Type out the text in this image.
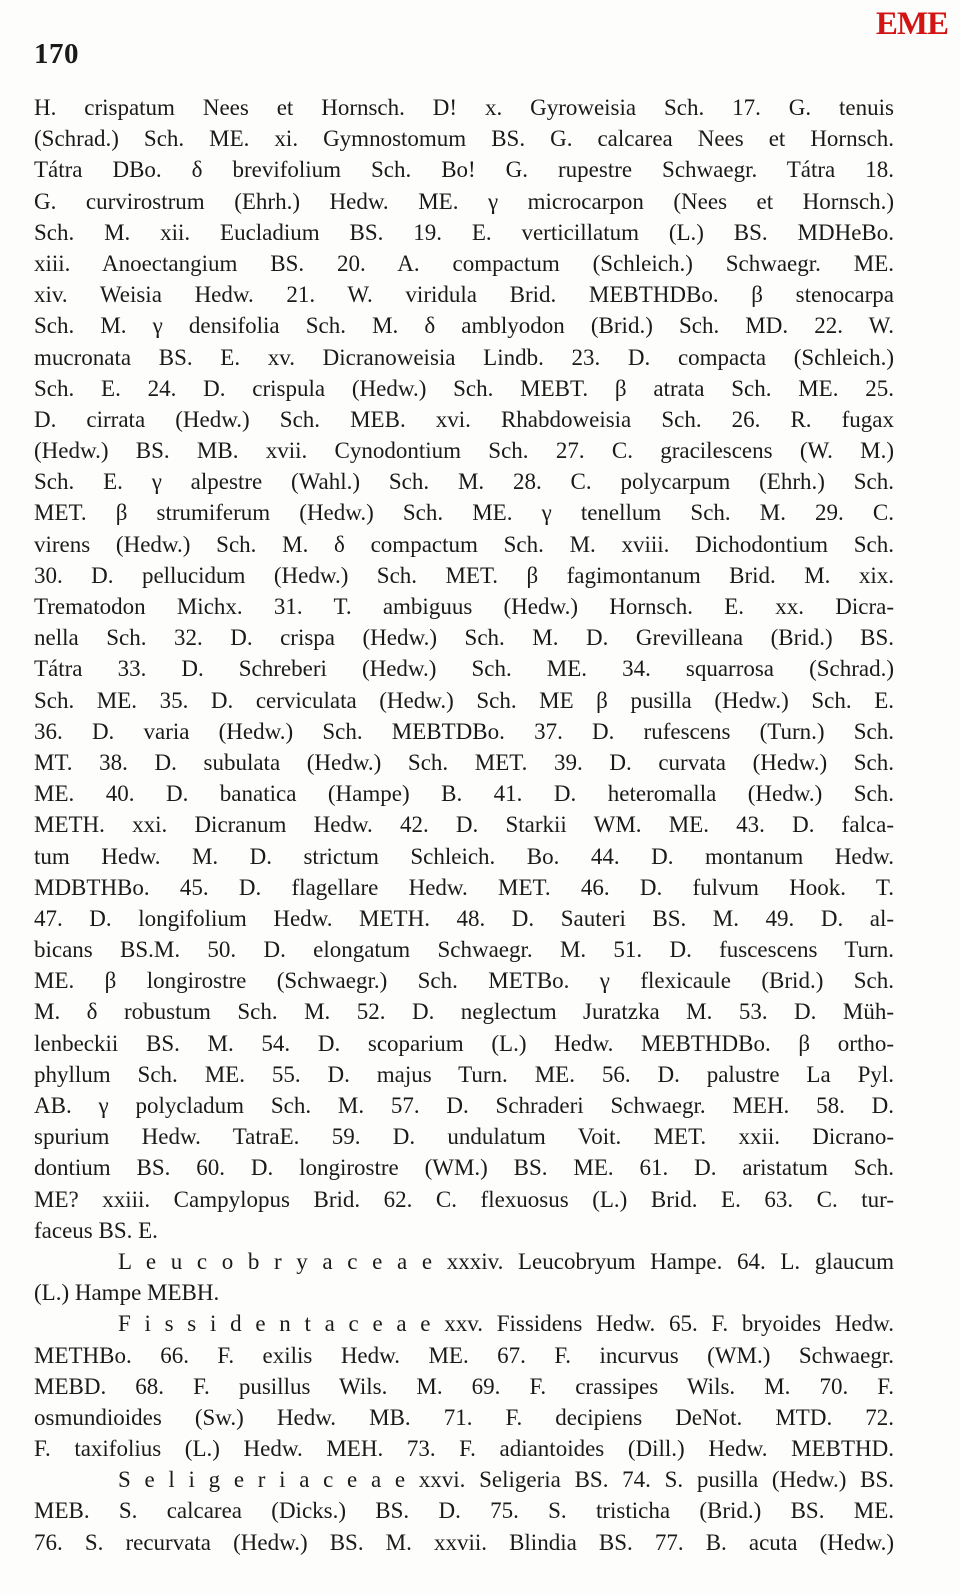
170
EME
H. crispatum Nees et Hornsch. D! x. Gyroweisia Sch. 17. G. tenuis
(Schrad.) Sch. ME. xi. Gymnostomum BS. G. calcarea Nees et Hornsch.
Tátra DBo. δ brevifolium Sch. Bo! G. rupestre Schwaegr. Tátra 18.
G. curvirostrum (Ehrh.) Hedw. ME. γ microcarpon (Nees et Hornsch.)
Sch. M. xii. Eucladium BS. 19. E. verticillatum (L.) BS. MDHeBo.
xiii. Anoectangium BS. 20. A. compactum (Schleich.) Schwaegr. ME.
xiv. Weisia Hedw. 21. W. viridula Brid. MEBTHDBo. β stenocarpa
Sch. M. γ densifolia Sch. M. δ amblyodon (Brid.) Sch. MD. 22. W.
mucronata BS. E. xv. Dicranoweisia Lindb. 23. D. compacta (Schleich.)
Sch. E. 24. D. crispula (Hedw.) Sch. MEBT. β atrata Sch. ME. 25.
D. cirrata (Hedw.) Sch. MEB. xvi. Rhabdoweisia Sch. 26. R. fugax
(Hedw.) BS. MB. xvii. Cynodontium Sch. 27. C. gracilescens (W. M.)
Sch. E. γ alpestre (Wahl.) Sch. M. 28. C. polycarpum (Ehrh.) Sch.
MET. β strumiferum (Hedw.) Sch. ME. γ tenellum Sch. M. 29. C.
virens (Hedw.) Sch. M. δ compactum Sch. M. xviii. Dichodontium Sch.
30. D. pellucidum (Hedw.) Sch. MET. β fagimontanum Brid. M. xix.
Trematodon Michx. 31. T. ambiguus (Hedw.) Hornsch. E. xx. Dicra-
nella Sch. 32. D. crispa (Hedw.) Sch. M. D. Grevilleana (Brid.) BS.
Tátra 33. D. Schreberi (Hedw.) Sch. ME. 34. squarrosa (Schrad.)
Sch. ME. 35. D. cerviculata (Hedw.) Sch. ME β pusilla (Hedw.) Sch. E.
36. D. varia (Hedw.) Sch. MEBTDBo. 37. D. rufescens (Turn.) Sch.
MT. 38. D. subulata (Hedw.) Sch. MET. 39. D. curvata (Hedw.) Sch.
ME. 40. D. banatica (Hampe) B. 41. D. heteromalla (Hedw.) Sch.
METH. xxi. Dicranum Hedw. 42. D. Starkii WM. ME. 43. D. falca-
tum Hedw. M. D. strictum Schleich. Bo. 44. D. montanum Hedw.
MDBTHBo. 45. D. flagellare Hedw. MET. 46. D. fulvum Hook. T.
47. D. longifolium Hedw. METH. 48. D. Sauteri BS. M. 49. D. al-
bicans BS.M. 50. D. elongatum Schwaegr. M. 51. D. fuscescens Turn.
ME. β longirostre (Schwaegr.) Sch. METBo. γ flexicaule (Brid.) Sch.
M. δ robustum Sch. M. 52. D. neglectum Juratzka M. 53. D. Müh-
lenbeckii BS. M. 54. D. scoparium (L.) Hedw. MEBTHDBo. β ortho-
phyllum Sch. ME. 55. D. majus Turn. ME. 56. D. palustre La Pyl.
AB. γ polycladum Sch. M. 57. D. Schraderi Schwaegr. MEH. 58. D.
spurium Hedw. TatraE. 59. D. undulatum Voit. MET. xxii. Dicrano-
dontium BS. 60. D. longirostre (WM.) BS. ME. 61. D. aristatum Sch.
ME? xxiii. Campylopus Brid. 62. C. flexuosus (L.) Brid. E. 63. C. tur-
faceus BS. E.
L e u c o b r y a c e a e xxxiv. Leucobryum Hampe. 64. L. glaucum
(L.) Hampe MEBH.
F i s s i d e n t a c e a e xxv. Fissidens Hedw. 65. F. bryoides Hedw.
METHBo. 66. F. exilis Hedw. ME. 67. F. incurvus (WM.) Schwaegr.
MEBD. 68. F. pusillus Wils. M. 69. F. crassipes Wils. M. 70. F.
osmundioides (Sw.) Hedw. MB. 71. F. decipiens DeNot. MTD. 72.
F. taxifolius (L.) Hedw. MEH. 73. F. adiantoides (Dill.) Hedw. MEBTHD.
S e l i g e r i a c e a e xxvi. Seligeria BS. 74. S. pusilla (Hedw.) BS.
MEB. S. calcarea (Dicks.) BS. D. 75. S. tristicha (Brid.) BS. ME.
76. S. recurvata (Hedw.) BS. M. xxvii. Blindia BS. 77. B. acuta (Hedw.)
